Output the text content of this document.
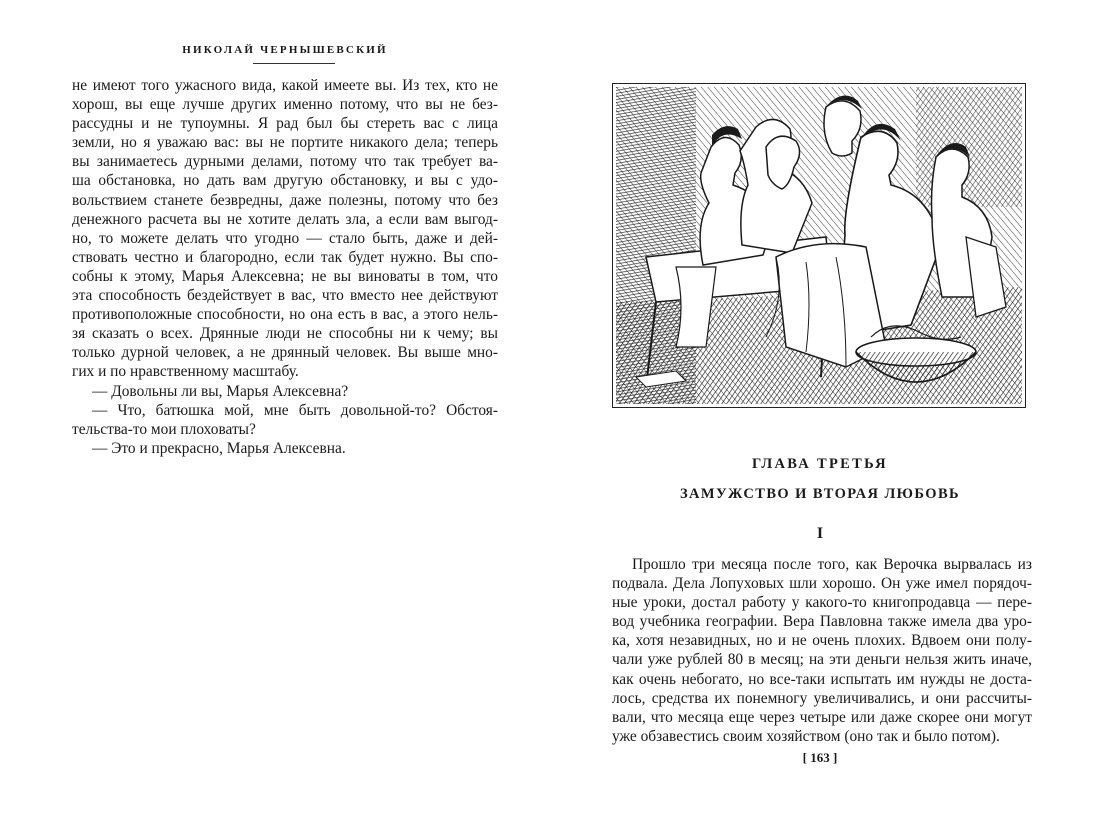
НИКОЛАЙ ЧЕРНЫШЕВСКИЙ
не имеют того ужасного вида, какой имеете вы. Из тех, кто не
хорош, вы еще лучше других именно потому, что вы не без-
рассудны и не тупоумны. Я рад был бы стереть вас с лица
земли, но я уважаю вас: вы не портите никакого дела; теперь
вы занимаетесь дурными делами, потому что так требует ва-
ша обстановка, но дать вам другую обстановку, и вы с удо-
вольствием станете безвредны, даже полезны, потому что без
денежного расчета вы не хотите делать зла, а если вам выгод-
но, то можете делать что угодно — стало быть, даже и дей-
ствовать честно и благородно, если так будет нужно. Вы спо-
собны к этому, Марья Алексевна; не вы виноваты в том, что
эта способность бездействует в вас, что вместо нее действуют
противоположные способности, но она есть в вас, а этого нель-
зя сказать о всех. Дрянные люди не способны ни к чему; вы
только дурной человек, а не дрянный человек. Вы выше мно-
гих и по нравственному масштабу.
— Довольны ли вы, Марья Алексевна?
— Что, батюшка мой, мне быть довольной-то? Обстоя-
тельства-то мои плоховаты?
— Это и прекрасно, Марья Алексевна.
ГЛАВА ТРЕТЬЯ
ЗАМУЖСТВО И ВТОРАЯ ЛЮБОВЬ
I
Прошло три месяца после того, как Верочка вырвалась из
подвала. Дела Лопуховых шли хорошо. Он уже имел порядоч-
ные уроки, достал работу у какого-то книгопродавца — пере-
вод учебника географии. Вера Павловна также имела два уро-
ка, хотя незавидных, но и не очень плохих. Вдвоем они полу-
чали уже рублей 80 в месяц; на эти деньги нельзя жить иначе,
как очень небогато, но все-таки испытать им нужды не доста-
лось, средства их понемногу увеличивались, и они рассчиты-
вали, что месяца еще через четыре или даже скорее они могут
уже обзавестись своим хозяйством (оно так и было потом).
[ 163 ]
